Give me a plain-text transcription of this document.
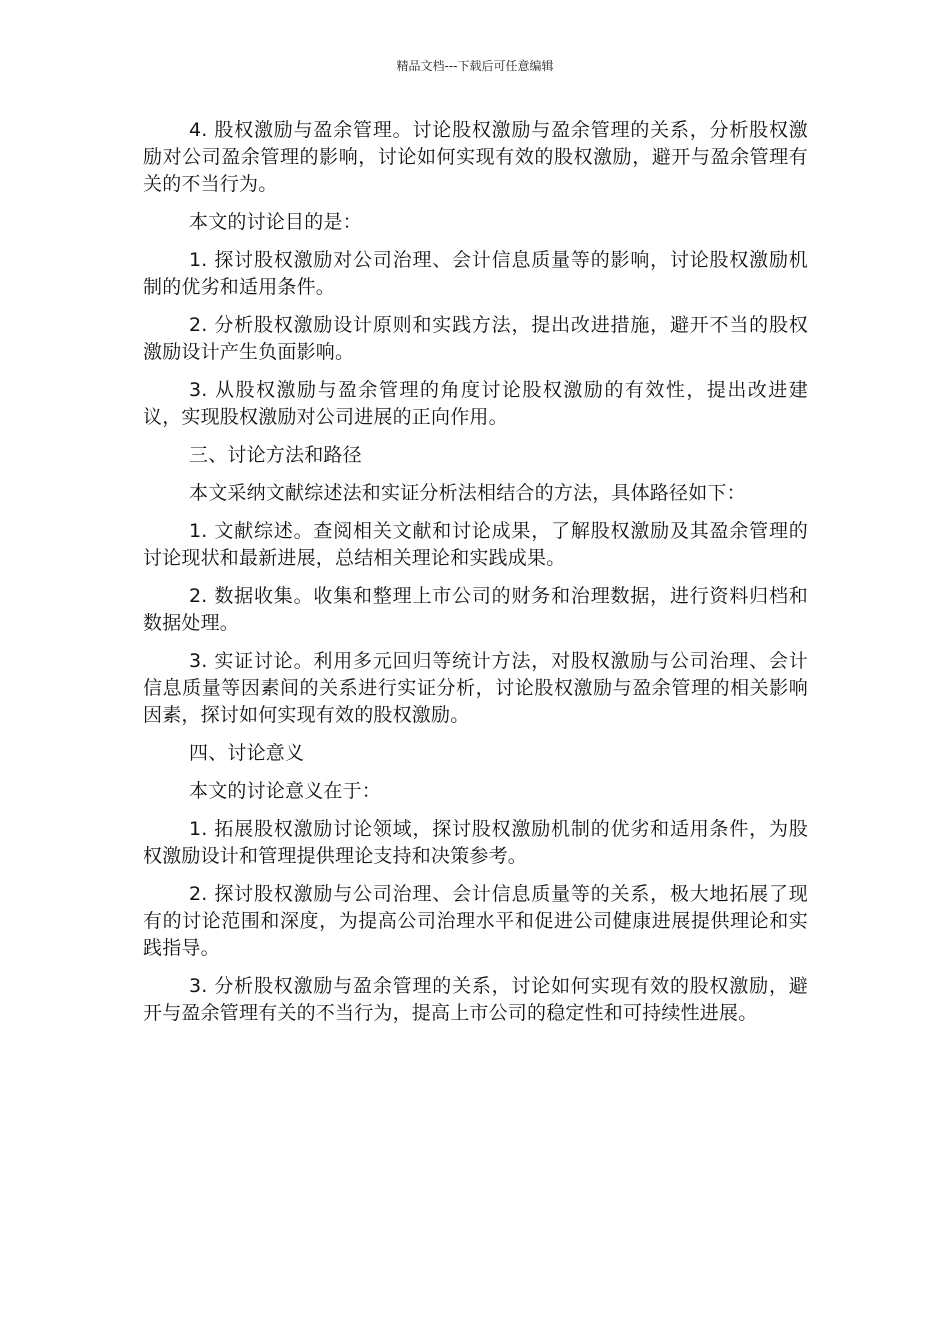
精品文档---下载后可任意编辑

4. 股权激励与盈余管理。讨论股权激励与盈余管理的关系，分析股权激励对公司盈余管理的影响，讨论如何实现有效的股权激励，避开与盈余管理有关的不当行为。

本文的讨论目的是：

1. 探讨股权激励对公司治理、会计信息质量等的影响，讨论股权激励机制的优劣和适用条件。

2. 分析股权激励设计原则和实践方法，提出改进措施，避开不当的股权激励设计产生负面影响。

3. 从股权激励与盈余管理的角度讨论股权激励的有效性，提出改进建议，实现股权激励对公司进展的正向作用。

三、讨论方法和路径

本文采纳文献综述法和实证分析法相结合的方法，具体路径如下：

1. 文献综述。查阅相关文献和讨论成果，了解股权激励及其盈余管理的讨论现状和最新进展，总结相关理论和实践成果。

2. 数据收集。收集和整理上市公司的财务和治理数据，进行资料归档和数据处理。

3. 实证讨论。利用多元回归等统计方法，对股权激励与公司治理、会计信息质量等因素间的关系进行实证分析，讨论股权激励与盈余管理的相关影响因素，探讨如何实现有效的股权激励。

四、讨论意义

本文的讨论意义在于：

1. 拓展股权激励讨论领域，探讨股权激励机制的优劣和适用条件，为股权激励设计和管理提供理论支持和决策参考。

2. 探讨股权激励与公司治理、会计信息质量等的关系，极大地拓展了现有的讨论范围和深度，为提高公司治理水平和促进公司健康进展提供理论和实践指导。

3. 分析股权激励与盈余管理的关系，讨论如何实现有效的股权激励，避开与盈余管理有关的不当行为，提高上市公司的稳定性和可持续性进展。
